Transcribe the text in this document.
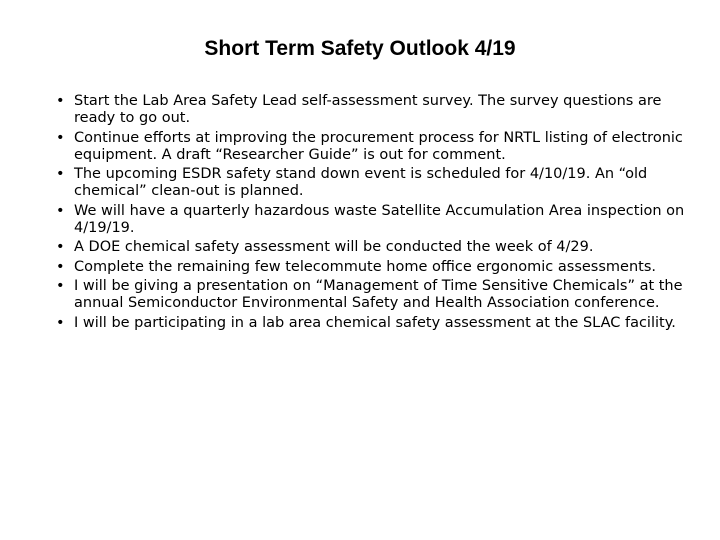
Short Term Safety Outlook 4/19
• Start the Lab Area Safety Lead self-assessment survey. The survey questions are ready to go out.
• Continue efforts at improving the procurement process for NRTL listing of electronic equipment. A draft “Researcher Guide” is out for comment.
• The upcoming ESDR safety stand down event is scheduled for 4/10/19. An “old chemical” clean-out is planned.
• We will have a quarterly hazardous waste Satellite Accumulation Area inspection on 4/19/19.
• A DOE chemical safety assessment will be conducted the week of 4/29.
• Complete the remaining few telecommute home office ergonomic assessments.
• I will be giving a presentation on “Management of Time Sensitive Chemicals” at the annual Semiconductor Environmental Safety and Health Association conference.
• I will be participating in a lab area chemical safety assessment at the SLAC facility.
